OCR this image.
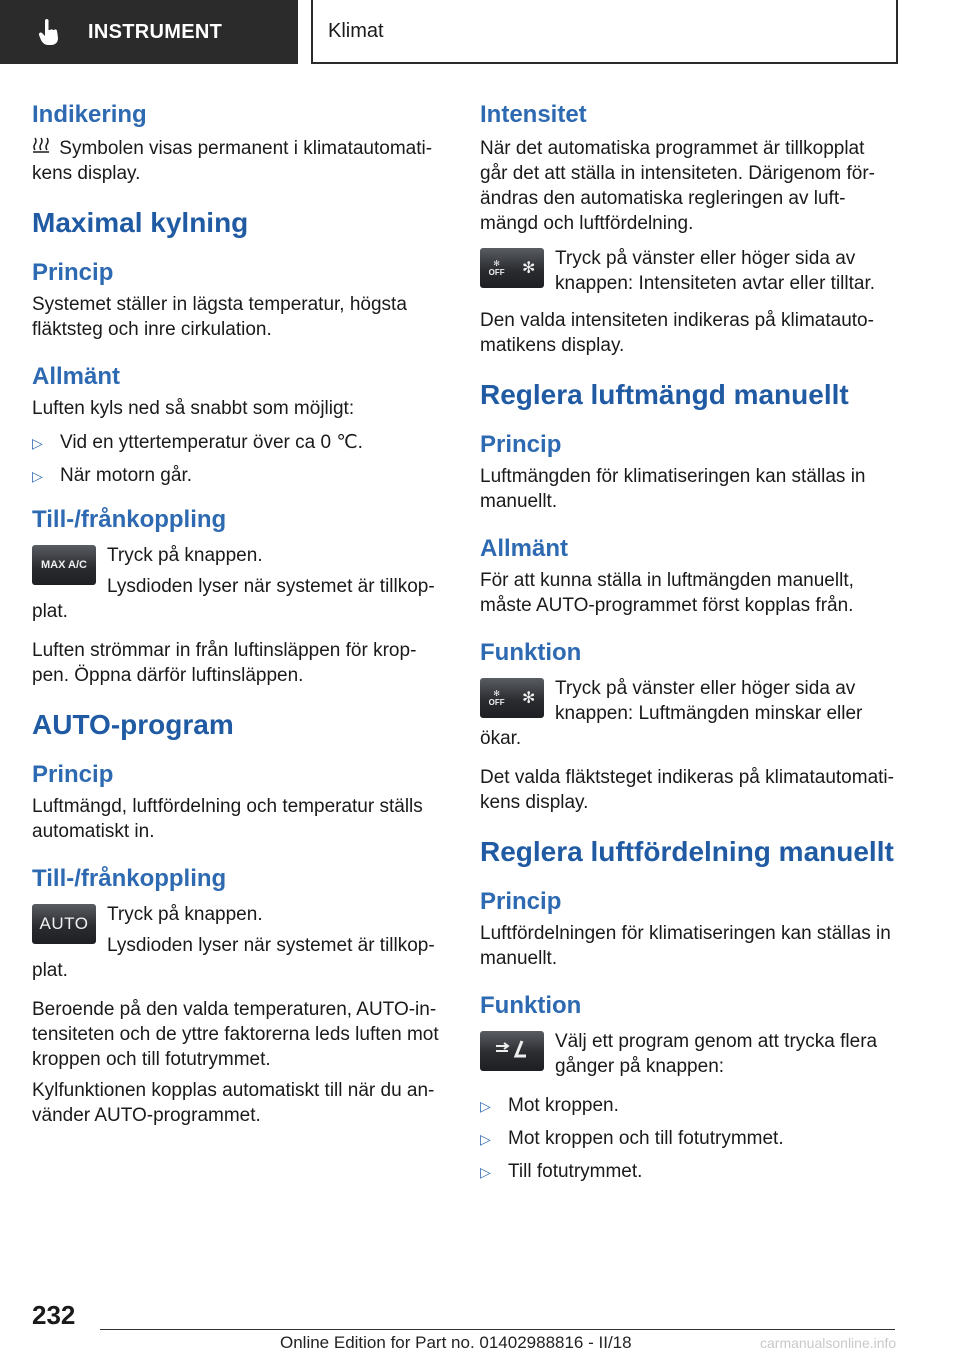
INSTRUMENT	Klimat
Indikering

Symbolen visas permanent i klimatautomati-kens display.

Maximal kylning
Princip

Systemet ställer in lägsta temperatur, högsta fläktsteg och inre cirkulation.

Allmänt

Luften kyls ned så snabbt som möjligt:

▷ Vid en yttertemperatur över ca 0 ℃.
▷ När motorn går.
Till-/frånkoppling
MAX A/C	Tryck på knappen.

Lysdioden lyser när systemet är tillkop-plat.

Luften strömmar in från luftinsläppen för krop-pen. Öppna därför luftinsläppen.

AUTO-program
Princip

Luftmängd, luftfördelning och temperatur ställs automatiskt in.

Till-/frånkoppling
AUTO Tryck på knappen.

Lysdioden lyser när systemet är tillkop-plat.

Beroende på den valda temperaturen, AUTO-in-tensiteten och de yttre faktorerna leds luften mot kroppen och till fotutrymmet.

Kylfunktionen kopplas automatiskt till när du an-vänder AUTO-programmet.

Intensitet

När det automatiska programmet är tillkopplat går det att ställa in intensiteten. Därigenom för-ändras den automatiska regleringen av luft-mängd och luftfördelning.

✻
OFF ✻	Tryck på vänster eller höger sida av knappen: Intensiteten avtar eller tilltar.

Den valda intensiteten indikeras på klimatauto-matikens display.

Reglera luftmängd manuellt
Princip

Luftmängden för klimatiseringen kan ställas in manuellt.

Allmänt

För att kunna ställa in luftmängden manuellt, måste AUTO-programmet först kopplas från.

Funktion
✻
OFF ✻	Tryck på vänster eller höger sida av knappen: Luftmängden minskar eller ökar.

Det valda fläktsteget indikeras på klimatautomati-kens display.

Reglera luftfördelning manuellt
Princip

Luftfördelningen för klimatiseringen kan ställas in manuellt.

Funktion

Välj ett program genom att trycka flera gånger på knappen:

▷ Mot kroppen.
▷ Mot kroppen och till fotutrymmet.
▷ Till fotutrymmet.
232
Online Edition for Part no. 01402988816 - II/18	carmanualsonline.info
